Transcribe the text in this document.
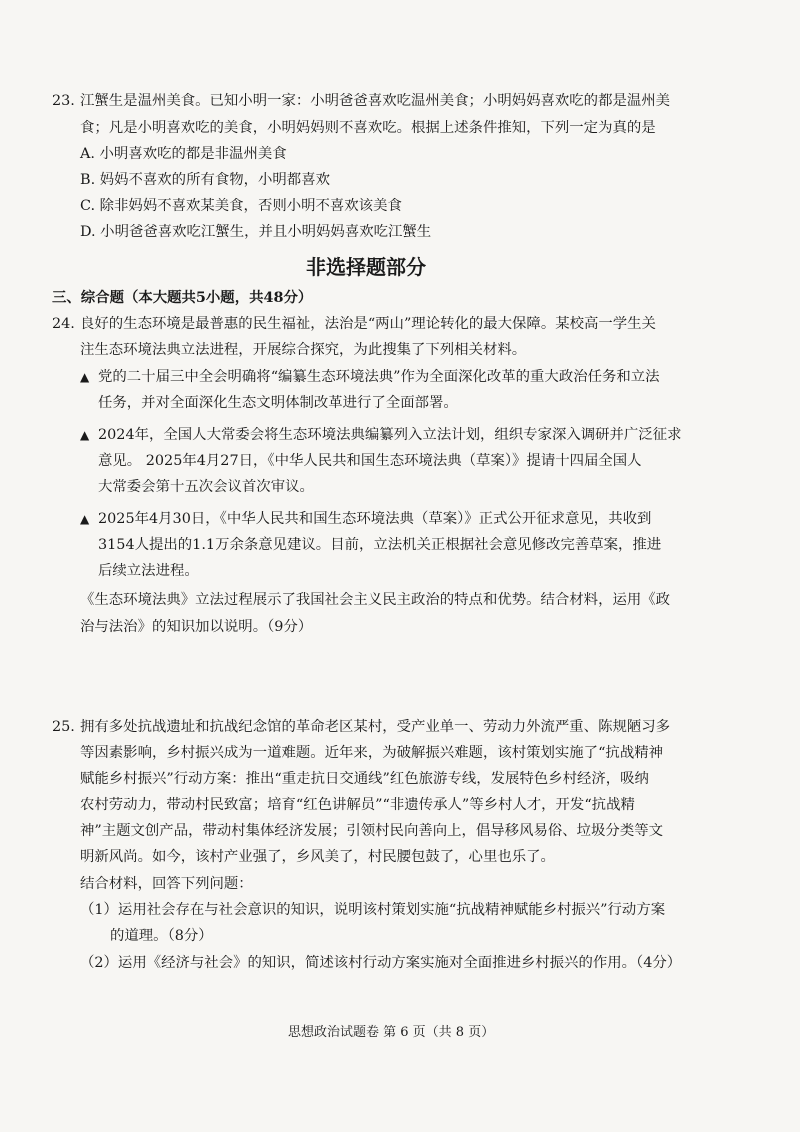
23. 江蟹生是温州美食。已知小明一家：小明爸爸喜欢吃温州美食；小明妈妈喜欢吃的都是温州美
食；凡是小明喜欢吃的美食，小明妈妈则不喜欢吃。根据上述条件推知，下列一定为真的是
A. 小明喜欢吃的都是非温州美食
B. 妈妈不喜欢的所有食物，小明都喜欢
C. 除非妈妈不喜欢某美食，否则小明不喜欢该美食
D. 小明爸爸喜欢吃江蟹生，并且小明妈妈喜欢吃江蟹生
非选择题部分
三、综合题（本大题共5小题，共48分）
24. 良好的生态环境是最普惠的民生福祉，法治是“两山”理论转化的最大保障。某校高一学生关
注生态环境法典立法进程，开展综合探究，为此搜集了下列相关材料。
▲ 党的二十届三中全会明确将“编纂生态环境法典”作为全面深化改革的重大政治任务和立法
任务，并对全面深化生态文明体制改革进行了全面部署。
▲ 2024年，全国人大常委会将生态环境法典编纂列入立法计划，组织专家深入调研并广泛征求
意见。 2025年4月27日，《中华人民共和国生态环境法典（草案）》提请十四届全国人
大常委会第十五次会议首次审议。
▲ 2025年4月30日，《中华人民共和国生态环境法典（草案）》正式公开征求意见，共收到
3154人提出的1.1万余条意见建议。目前，立法机关正根据社会意见修改完善草案，推进
后续立法进程。
《生态环境法典》立法过程展示了我国社会主义民主政治的特点和优势。结合材料，运用《政
治与法治》的知识加以说明。（9分）
25. 拥有多处抗战遗址和抗战纪念馆的革命老区某村，受产业单一、劳动力外流严重、陈规陋习多
等因素影响，乡村振兴成为一道难题。近年来，为破解振兴难题，该村策划实施了“抗战精神
赋能乡村振兴”行动方案：推出“重走抗日交通线”红色旅游专线，发展特色乡村经济，吸纳
农村劳动力，带动村民致富；培育“红色讲解员”“非遗传承人”等乡村人才，开发“抗战精
神”主题文创产品，带动村集体经济发展；引领村民向善向上，倡导移风易俗、垃圾分类等文
明新风尚。如今，该村产业强了，乡风美了，村民腰包鼓了，心里也乐了。
结合材料，回答下列问题：
（1）运用社会存在与社会意识的知识，说明该村策划实施“抗战精神赋能乡村振兴”行动方案
的道理。（8分）
（2）运用《经济与社会》的知识，简述该村行动方案实施对全面推进乡村振兴的作用。（4分）
思想政治试题卷 第 6 页（共 8 页）
